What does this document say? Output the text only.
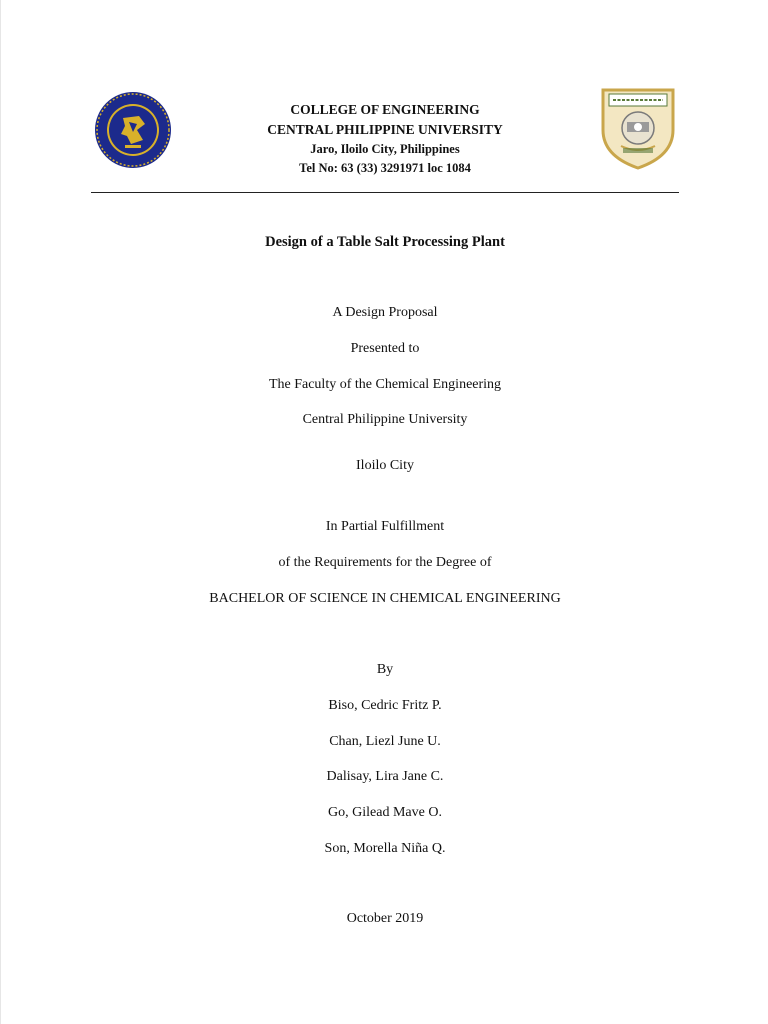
COLLEGE OF ENGINEERING
CENTRAL PHILIPPINE UNIVERSITY
Jaro, Iloilo City, Philippines
Tel No: 63 (33) 3291971 loc 1084
Design of a Table Salt Processing Plant
A Design Proposal
Presented to
The Faculty of the Chemical Engineering
Central Philippine University
Iloilo City
In Partial Fulfillment
of the Requirements for the Degree of
BACHELOR OF SCIENCE IN CHEMICAL ENGINEERING
By
Biso, Cedric Fritz P.
Chan, Liezl June U.
Dalisay, Lira Jane C.
Go, Gilead Mave O.
Son, Morella Niña Q.
October 2019
